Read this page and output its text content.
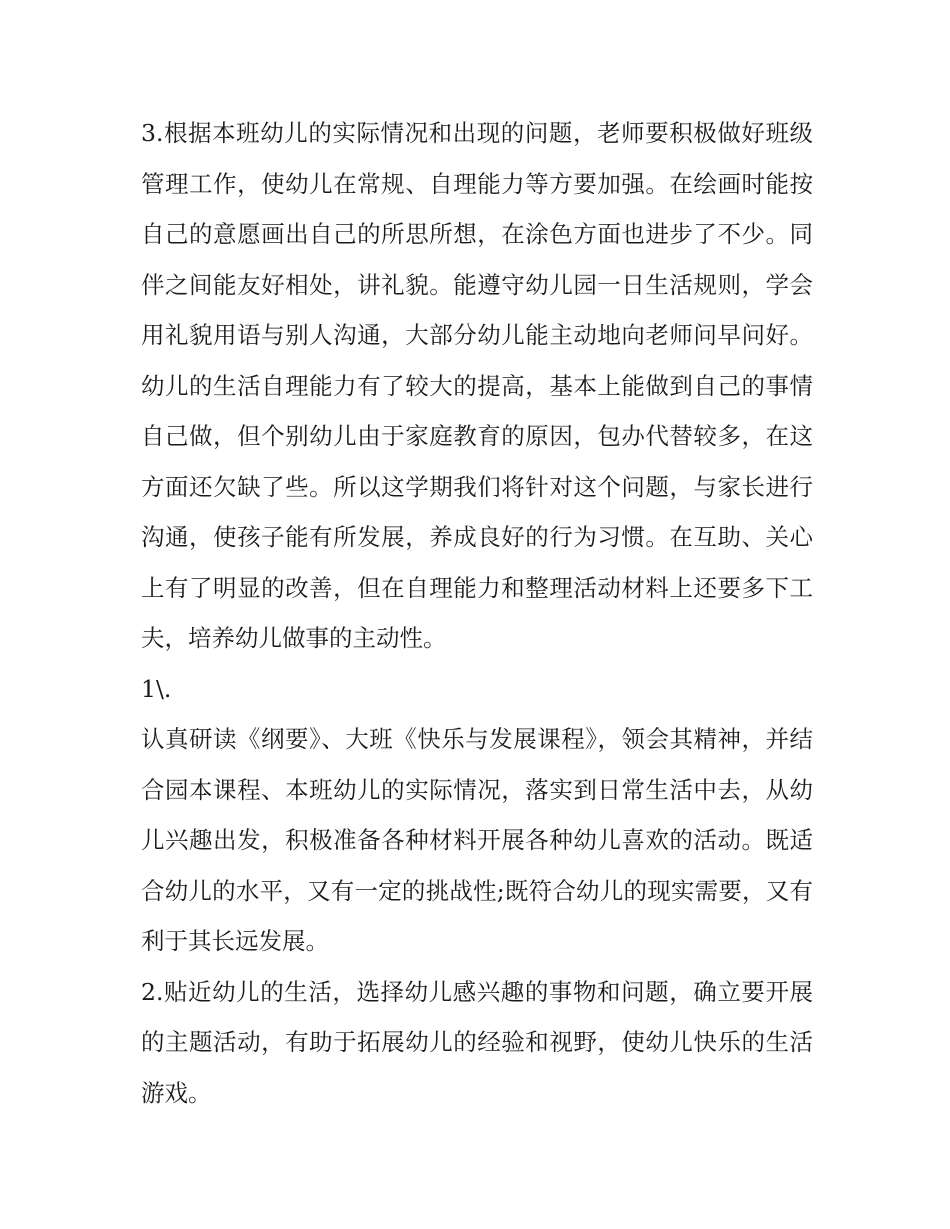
3.根据本班幼儿的实际情况和出现的问题，老师要积极做好班级管理工作，使幼儿在常规、自理能力等方要加强。在绘画时能按自己的意愿画出自己的所思所想，在涂色方面也进步了不少。同伴之间能友好相处，讲礼貌。能遵守幼儿园一日生活规则，学会用礼貌用语与别人沟通，大部分幼儿能主动地向老师问早问好。幼儿的生活自理能力有了较大的提高，基本上能做到自己的事情自己做，但个别幼儿由于家庭教育的原因，包办代替较多，在这方面还欠缺了些。所以这学期我们将针对这个问题，与家长进行沟通，使孩子能有所发展，养成良好的行为习惯。在互助、关心上有了明显的改善，但在自理能力和整理活动材料上还要多下工夫，培养幼儿做事的主动性。

1\.

认真研读《纲要》、大班《快乐与发展课程》，领会其精神，并结合园本课程、本班幼儿的实际情况，落实到日常生活中去，从幼儿兴趣出发，积极准备各种材料开展各种幼儿喜欢的活动。既适合幼儿的水平，又有一定的挑战性;既符合幼儿的现实需要，又有利于其长远发展。

2.贴近幼儿的生活，选择幼儿感兴趣的事物和问题，确立要开展的主题活动，有助于拓展幼儿的经验和视野，使幼儿快乐的生活游戏。
